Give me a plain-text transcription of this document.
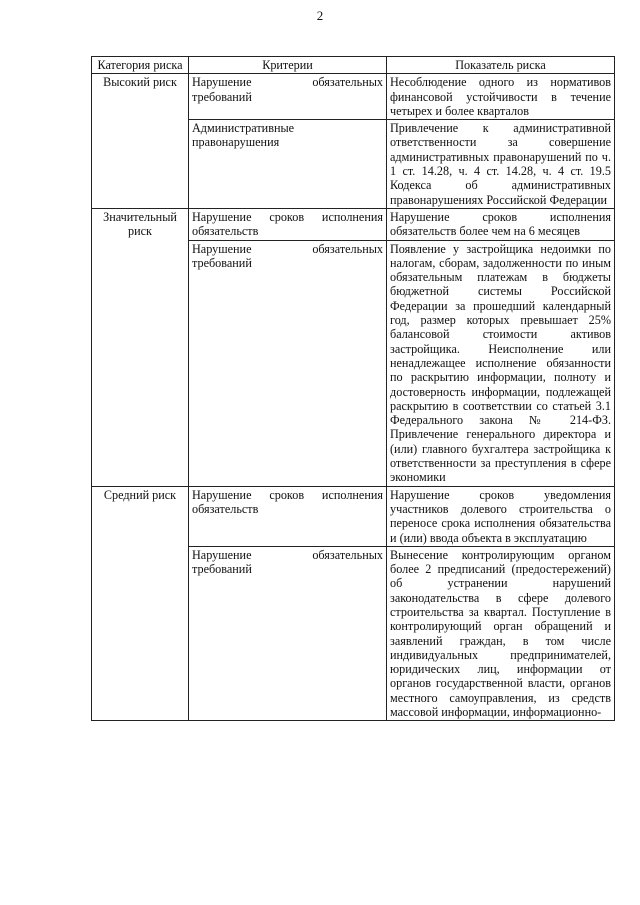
2
Категория риска	Критерии	Показатель риска
Высокий риск	Нарушение обязательных требований	Несоблюдение одного из нормативов финансовой устойчивости в течение четырех и более кварталов
	Административные правонарушения	Привлечение к административной ответственности за совершение административных правонарушений по ч. 1 ст. 14.28, ч. 4 ст. 14.28, ч. 4 ст. 19.5 Кодекса об административных правонарушениях Российской Федерации
Значительный риск	Нарушение сроков исполнения обязательств	Нарушение сроков исполнения обязательств более чем на 6 месяцев
	Нарушение обязательных требований	Появление у застройщика недоимки по налогам, сборам, задолженности по иным обязательным платежам в бюджеты бюджетной системы Российской Федерации за прошедший календарный год, размер которых превышает 25% балансовой стоимости активов застройщика. Неисполнение или ненадлежащее исполнение обязанности по раскрытию информации, полноту и достоверность информации, подлежащей раскрытию в соответствии со статьей 3.1 Федерального закона № 214-ФЗ. Привлечение генерального директора и (или) главного бухгалтера застройщика к ответственности за преступления в сфере экономики
Средний риск	Нарушение сроков исполнения обязательств	Нарушение сроков уведомления участников долевого строительства о переносе срока исполнения обязательства и (или) ввода объекта в эксплуатацию
	Нарушение обязательных требований	Вынесение контролирующим органом более 2 предписаний (предостережений) об устранении нарушений законодательства в сфере долевого строительства за квартал. Поступление в контролирующий орган обращений и заявлений граждан, в том числе индивидуальных предпринимателей, юридических лиц, информации от органов государственной власти, органов местного самоуправления, из средств массовой информации, информационно-
